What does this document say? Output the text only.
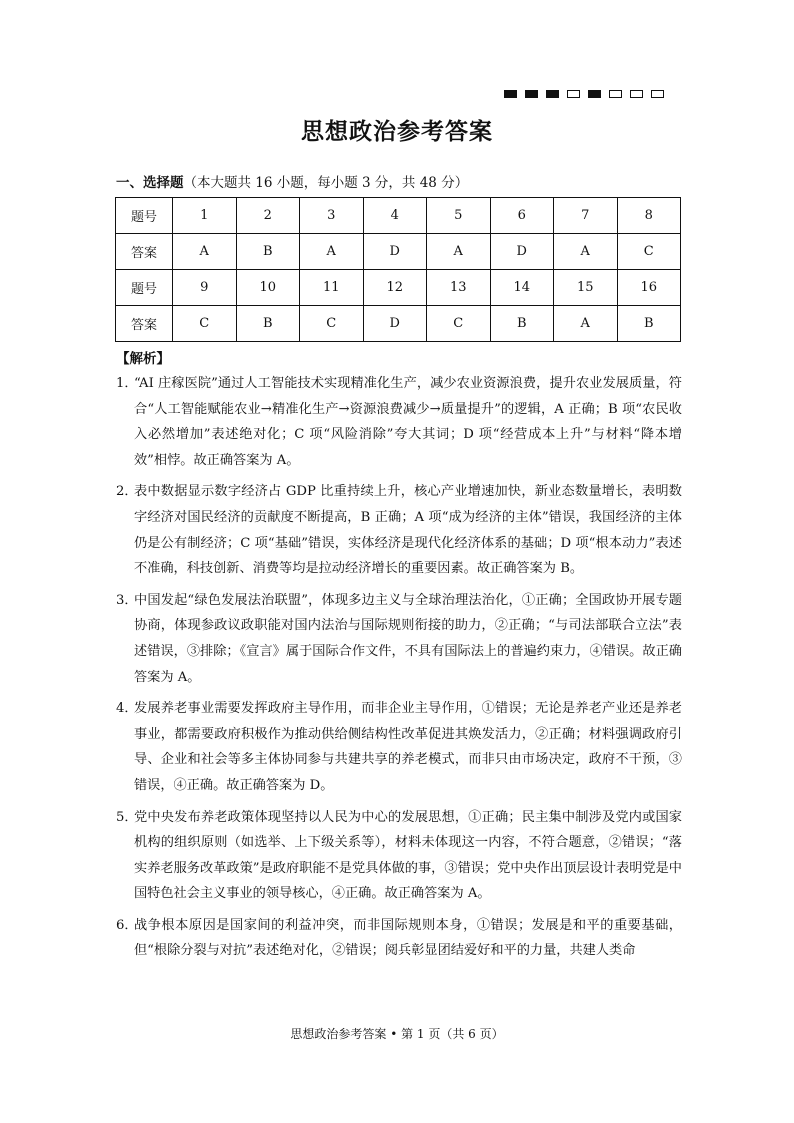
思想政治参考答案
一、选择题（本大题共 16 小题，每小题 3 分，共 48 分）
题号	1	2	3	4	5	6	7	8
答案	A	B	A	D	A	D	A	C
题号	9	10	11	12	13	14	15	16
答案	C	B	C	D	C	B	A	B
【解析】
1．
“AI 庄稼医院”通过人工智能技术实现精准化生产，减少农业资源浪费，提升农业发展质量，符合“人工智能赋能农业→精准化生产→资源浪费减少→质量提升”的逻辑，A 正确；B 项“农民收入必然增加”表述绝对化；C 项“风险消除”夸大其词；D 项“经营成本上升”与材料“降本增效”相悖。故正确答案为 A。
2．
表中数据显示数字经济占 GDP 比重持续上升，核心产业增速加快，新业态数量增长，表明数字经济对国民经济的贡献度不断提高，B 正确；A 项“成为经济的主体”错误，我国经济的主体仍是公有制经济；C 项“基础”错误，实体经济是现代化经济体系的基础；D 项“根本动力”表述不准确，科技创新、消费等均是拉动经济增长的重要因素。故正确答案为 B。
3．
中国发起“绿色发展法治联盟”，体现多边主义与全球治理法治化，①正确；全国政协开展专题协商，体现参政议政职能对国内法治与国际规则衔接的助力，②正确；“与司法部联合立法”表述错误，③排除；《宣言》属于国际合作文件，不具有国际法上的普遍约束力，④错误。故正确答案为 A。
4．
发展养老事业需要发挥政府主导作用，而非企业主导作用，①错误；无论是养老产业还是养老事业，都需要政府积极作为推动供给侧结构性改革促进其焕发活力，②正确；材料强调政府引导、企业和社会等多主体协同参与共建共享的养老模式，而非只由市场决定，政府不干预，③错误，④正确。故正确答案为 D。
5．
党中央发布养老政策体现坚持以人民为中心的发展思想，①正确；民主集中制涉及党内或国家机构的组织原则（如选举、上下级关系等），材料未体现这一内容，不符合题意，②错误；“落实养老服务改革政策”是政府职能不是党具体做的事，③错误；党中央作出顶层设计表明党是中国特色社会主义事业的领导核心，④正确。故正确答案为 A。
6．
战争根本原因是国家间的利益冲突，而非国际规则本身，①错误；发展是和平的重要基础，但“根除分裂与对抗”表述绝对化，②错误；阅兵彰显团结爱好和平的力量，共建人类命
思想政治参考答案 • 第 1 页（共 6 页）
